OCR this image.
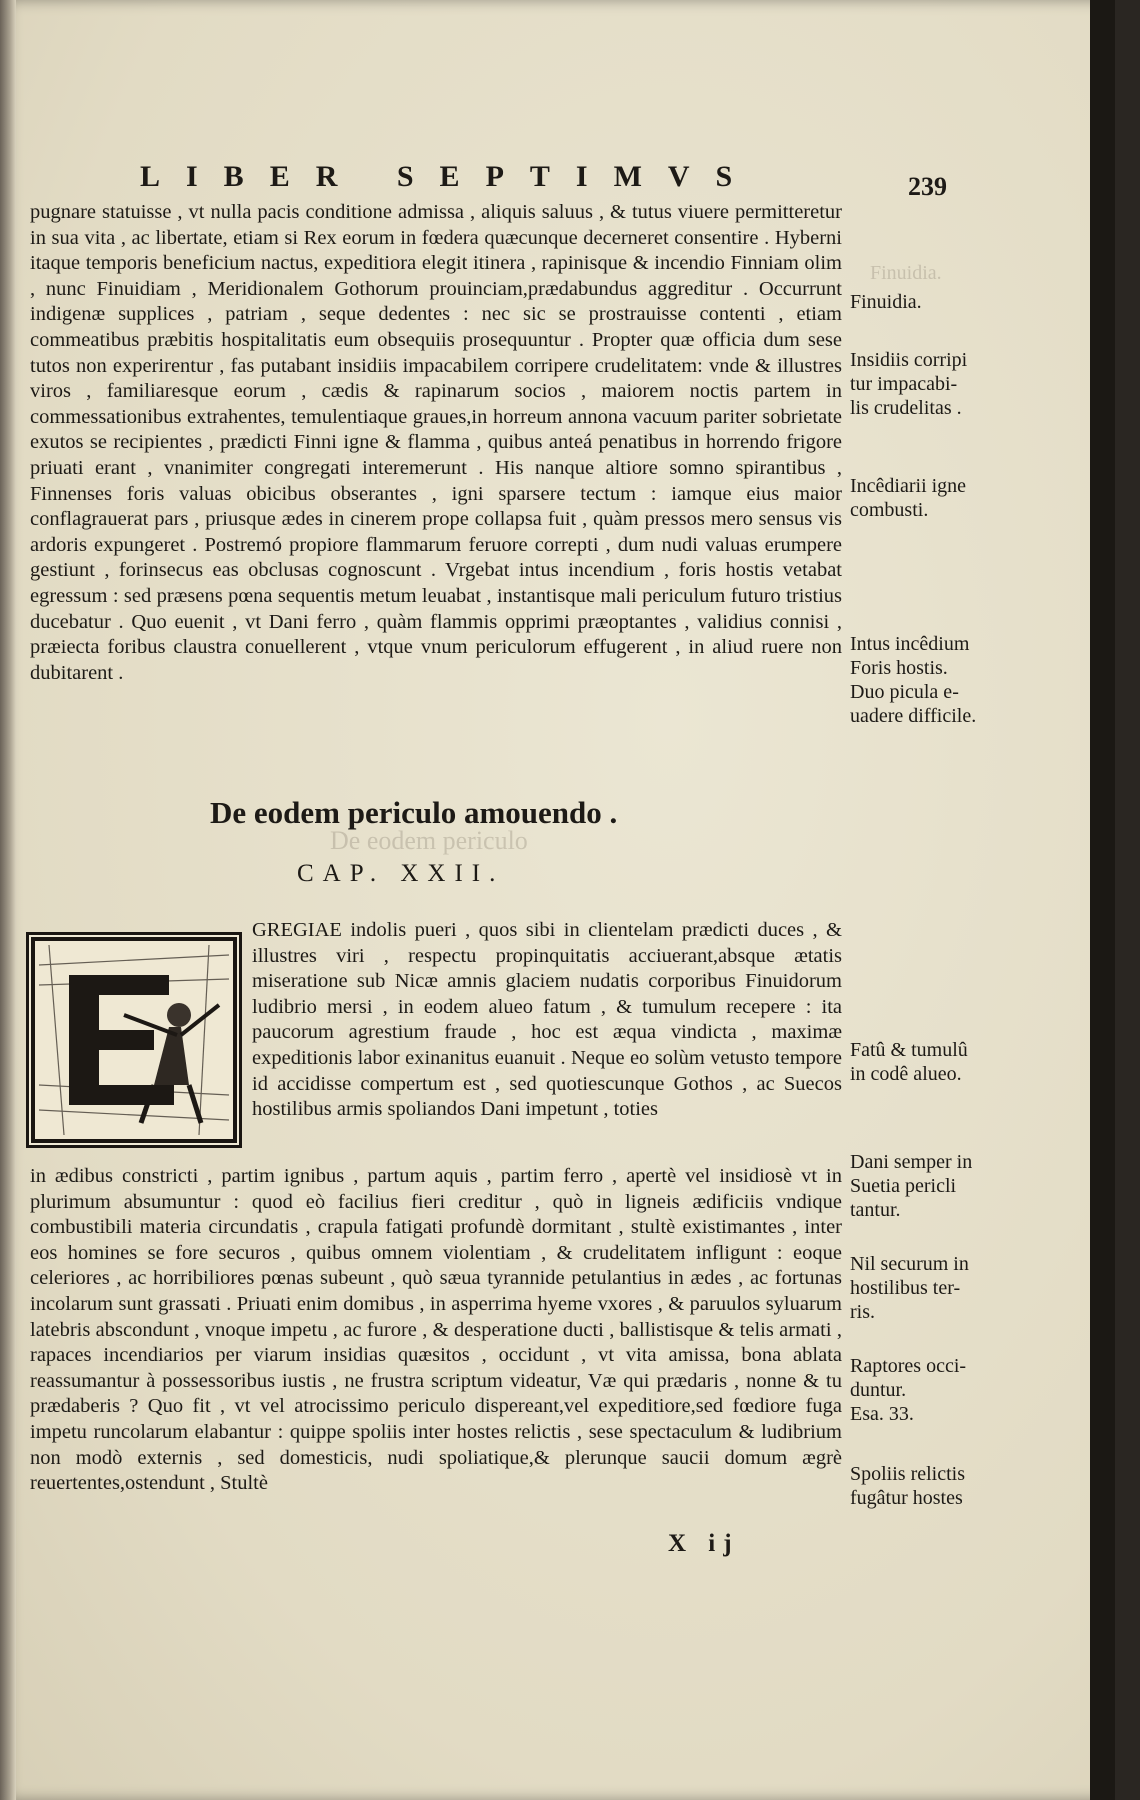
Finuidia.
De eodem periculo
LIBER SEPTIMVS	239

pugnare statuisse , vt nulla pacis conditione admissa , aliquis saluus , & tutus viuere permitteretur in sua vita , ac libertate, etiam si Rex eorum in fœdera quæcunque decerneret consentire . Hyberni itaque temporis beneficium nactus, expeditiora elegit itinera , rapinisque & incendio Finniam olim , nunc Finuidiam , Meridionalem Gothorum prouinciam,prædabundus aggreditur . Occurrunt indigenæ supplices , patriam , seque dedentes : nec sic se prostrauisse contenti , etiam commeatibus præbitis hospitalitatis eum obsequiis prosequuntur . Propter quæ officia dum sese tutos non experirentur , fas putabant insidiis impacabilem corripere crudelitatem: vnde & illustres viros , familiaresque eorum , cædis & rapinarum socios , maiorem noctis partem in commessationibus extrahentes, temulentiaque graues,in horreum annona vacuum pariter sobrietate exutos se recipientes , prædicti Finni igne & flamma , quibus anteá penatibus in horrendo frigore priuati erant , vnanimiter congregati interemerunt . His nanque altiore somno spirantibus , Finnenses foris valuas obicibus obserantes , igni sparsere tectum : iamque eius maior conflagrauerat pars , priusque ædes in cinerem prope collapsa fuit , quàm pressos mero sensus vis ardoris expungeret . Postremó propiore flammarum feruore correpti , dum nudi valuas erumpere gestiunt , forinsecus eas obclusas cognoscunt . Vrgebat intus incendium , foris hostis vetabat egressum : sed præsens pœna sequentis metum leuabat , instantisque mali periculum futuro tristius ducebatur . Quo euenit , vt Dani ferro , quàm flammis opprimi præoptantes , validius connisi , præiecta foribus claustra conuellerent , vtque vnum periculorum effugerent , in aliud ruere non dubitarent .

De eodem periculo amouendo .
CAP. XXII.

GREGIAE indolis pueri , quos sibi in clientelam prædicti duces , & illustres viri , respectu propinquitatis acciuerant,absque ætatis miseratione sub Nicæ amnis glaciem nudatis corporibus Finuidorum ludibrio mersi , in eodem alueo fatum , & tumulum recepere : ita paucorum agrestium fraude , hoc est æqua vindicta , maximæ expeditionis labor exinanitus euanuit . Neque eo solùm vetusto tempore id accidisse compertum est , sed quotiescunque Gothos , ac Suecos hostilibus armis spoliandos Dani impetunt , toties

in ædibus constricti , partim ignibus , partum aquis , partim ferro , apertè vel insidiosè vt in plurimum absumuntur : quod eò facilius fieri creditur , quò in ligneis ædificiis vndique combustibili materia circundatis , crapula fatigati profundè dormitant , stultè existimantes , inter eos homines se fore securos , quibus omnem violentiam , & crudelitatem infligunt : eoque celeriores , ac horribiliores pœnas subeunt , quò sæua tyrannide petulantius in ædes , ac fortunas incolarum sunt grassati . Priuati enim domibus , in asperrima hyeme vxores , & paruulos syluarum latebris abscondunt , vnoque impetu , ac furore , & desperatione ducti , ballistisque & telis armati , rapaces incendiarios per viarum insidias quæsitos , occidunt , vt vita amissa, bona ablata reassumantur à possessoribus iustis , ne frustra scriptum videatur, Væ qui prædaris , nonne & tu prædaberis ? Quo fit , vt vel atrocissimo periculo dispereant,vel expeditiore,sed fœdiore fuga impetu runcolarum elabantur : quippe spoliis inter hostes relictis , sese spectaculum & ludibrium non modò externis , sed domesticis, nudi spoliatique,& plerunque saucii domum ægrè reuertentes,ostendunt , Stultè

Finuidia.
Insidiis corripi
tur impacabi-
lis crudelitas .
Incêdiarii igne
combusti.
Intus incêdium
Foris hostis.
Duo picula e-
uadere difficile.
Fatû & tumulû
in codê alueo.
Dani semper in
Suetia pericli
tantur.
Nil securum in
hostilibus ter-
ris.
Raptores occi-
duntur.
Esa. 33.
Spoliis relictis
fugâtur hostes
X ij
